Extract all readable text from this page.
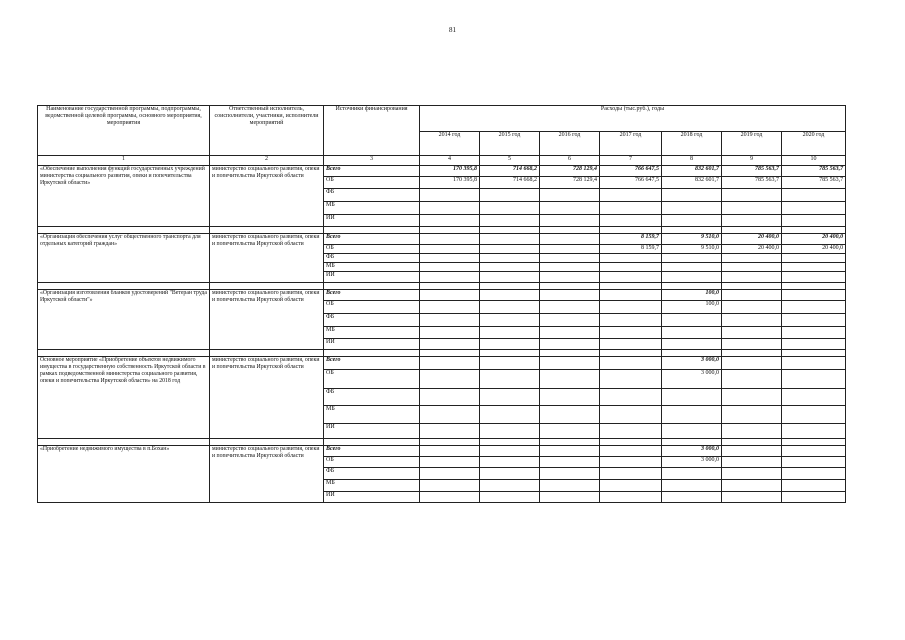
81
Наименование государственной программы, подпрограммы, ведомственной целевой программы, основного мероприятия, мероприятия	Ответственный исполнитель, соисполнители, участники, исполнители мероприятий	Источники финансирования	Расходы (тыс.руб.), годы						
			2014 год	2015 год	2016 год	2017 год	2018 год	2019 год	2020 год
1	2	3	4	5	6	7	8	9	10
«Обеспечение выполнения функций государственных учреждений министерства социального развития, опеки и попечительства Иркутской области»	министерство социального развития, опеки и попечительства Иркутской области	Всего	170 395,8	714 668,2	728 129,4	766 647,5	832 601,7	785 563,7	785 563,7
		ОБ	170 395,8	714 668,2	728 129,4	766 647,5	832 601,7	785 563,7	785 563,7
		ФБ							
		МБ							
		ИИ							

«Организация обеспечения услуг общественного транспорта для отдельных категорий граждан»	министерство социального развития, опеки и попечительства Иркутской области	Всего				8 159,7	9 510,0	20 400,0	20 400,0
		ОБ				8 159,7	9 510,0	20 400,0	20 400,0
		ФБ							
		МБ							
		ИИ							

«Организация изготовления бланков удостоверений "Ветеран труда Иркутской области"»	министерство социального развития, опеки и попечительства Иркутской области	Всего					100,0		
		ОБ					100,0		
		ФБ							
		МБ							
		ИИ							

Основное мероприятие «Приобретение объектов недвижимого имущества в государственную собственность Иркутской области в рамках подведомственной министерства социального развития, опеки и попечительства Иркутской области» на 2018 год	министерство социального развития, опеки и попечительства Иркутской области	Всего					3 000,0		
		ОБ					3 000,0		
		ФБ							
		МБ							
		ИИ							

«Приобретение недвижимого имущества в п.Бохан»	министерство социального развития, опеки и попечительства Иркутской области	Всего					3 000,0		
		ОБ					3 000,0		
		ФБ							
		МБ							
		ИИ							
